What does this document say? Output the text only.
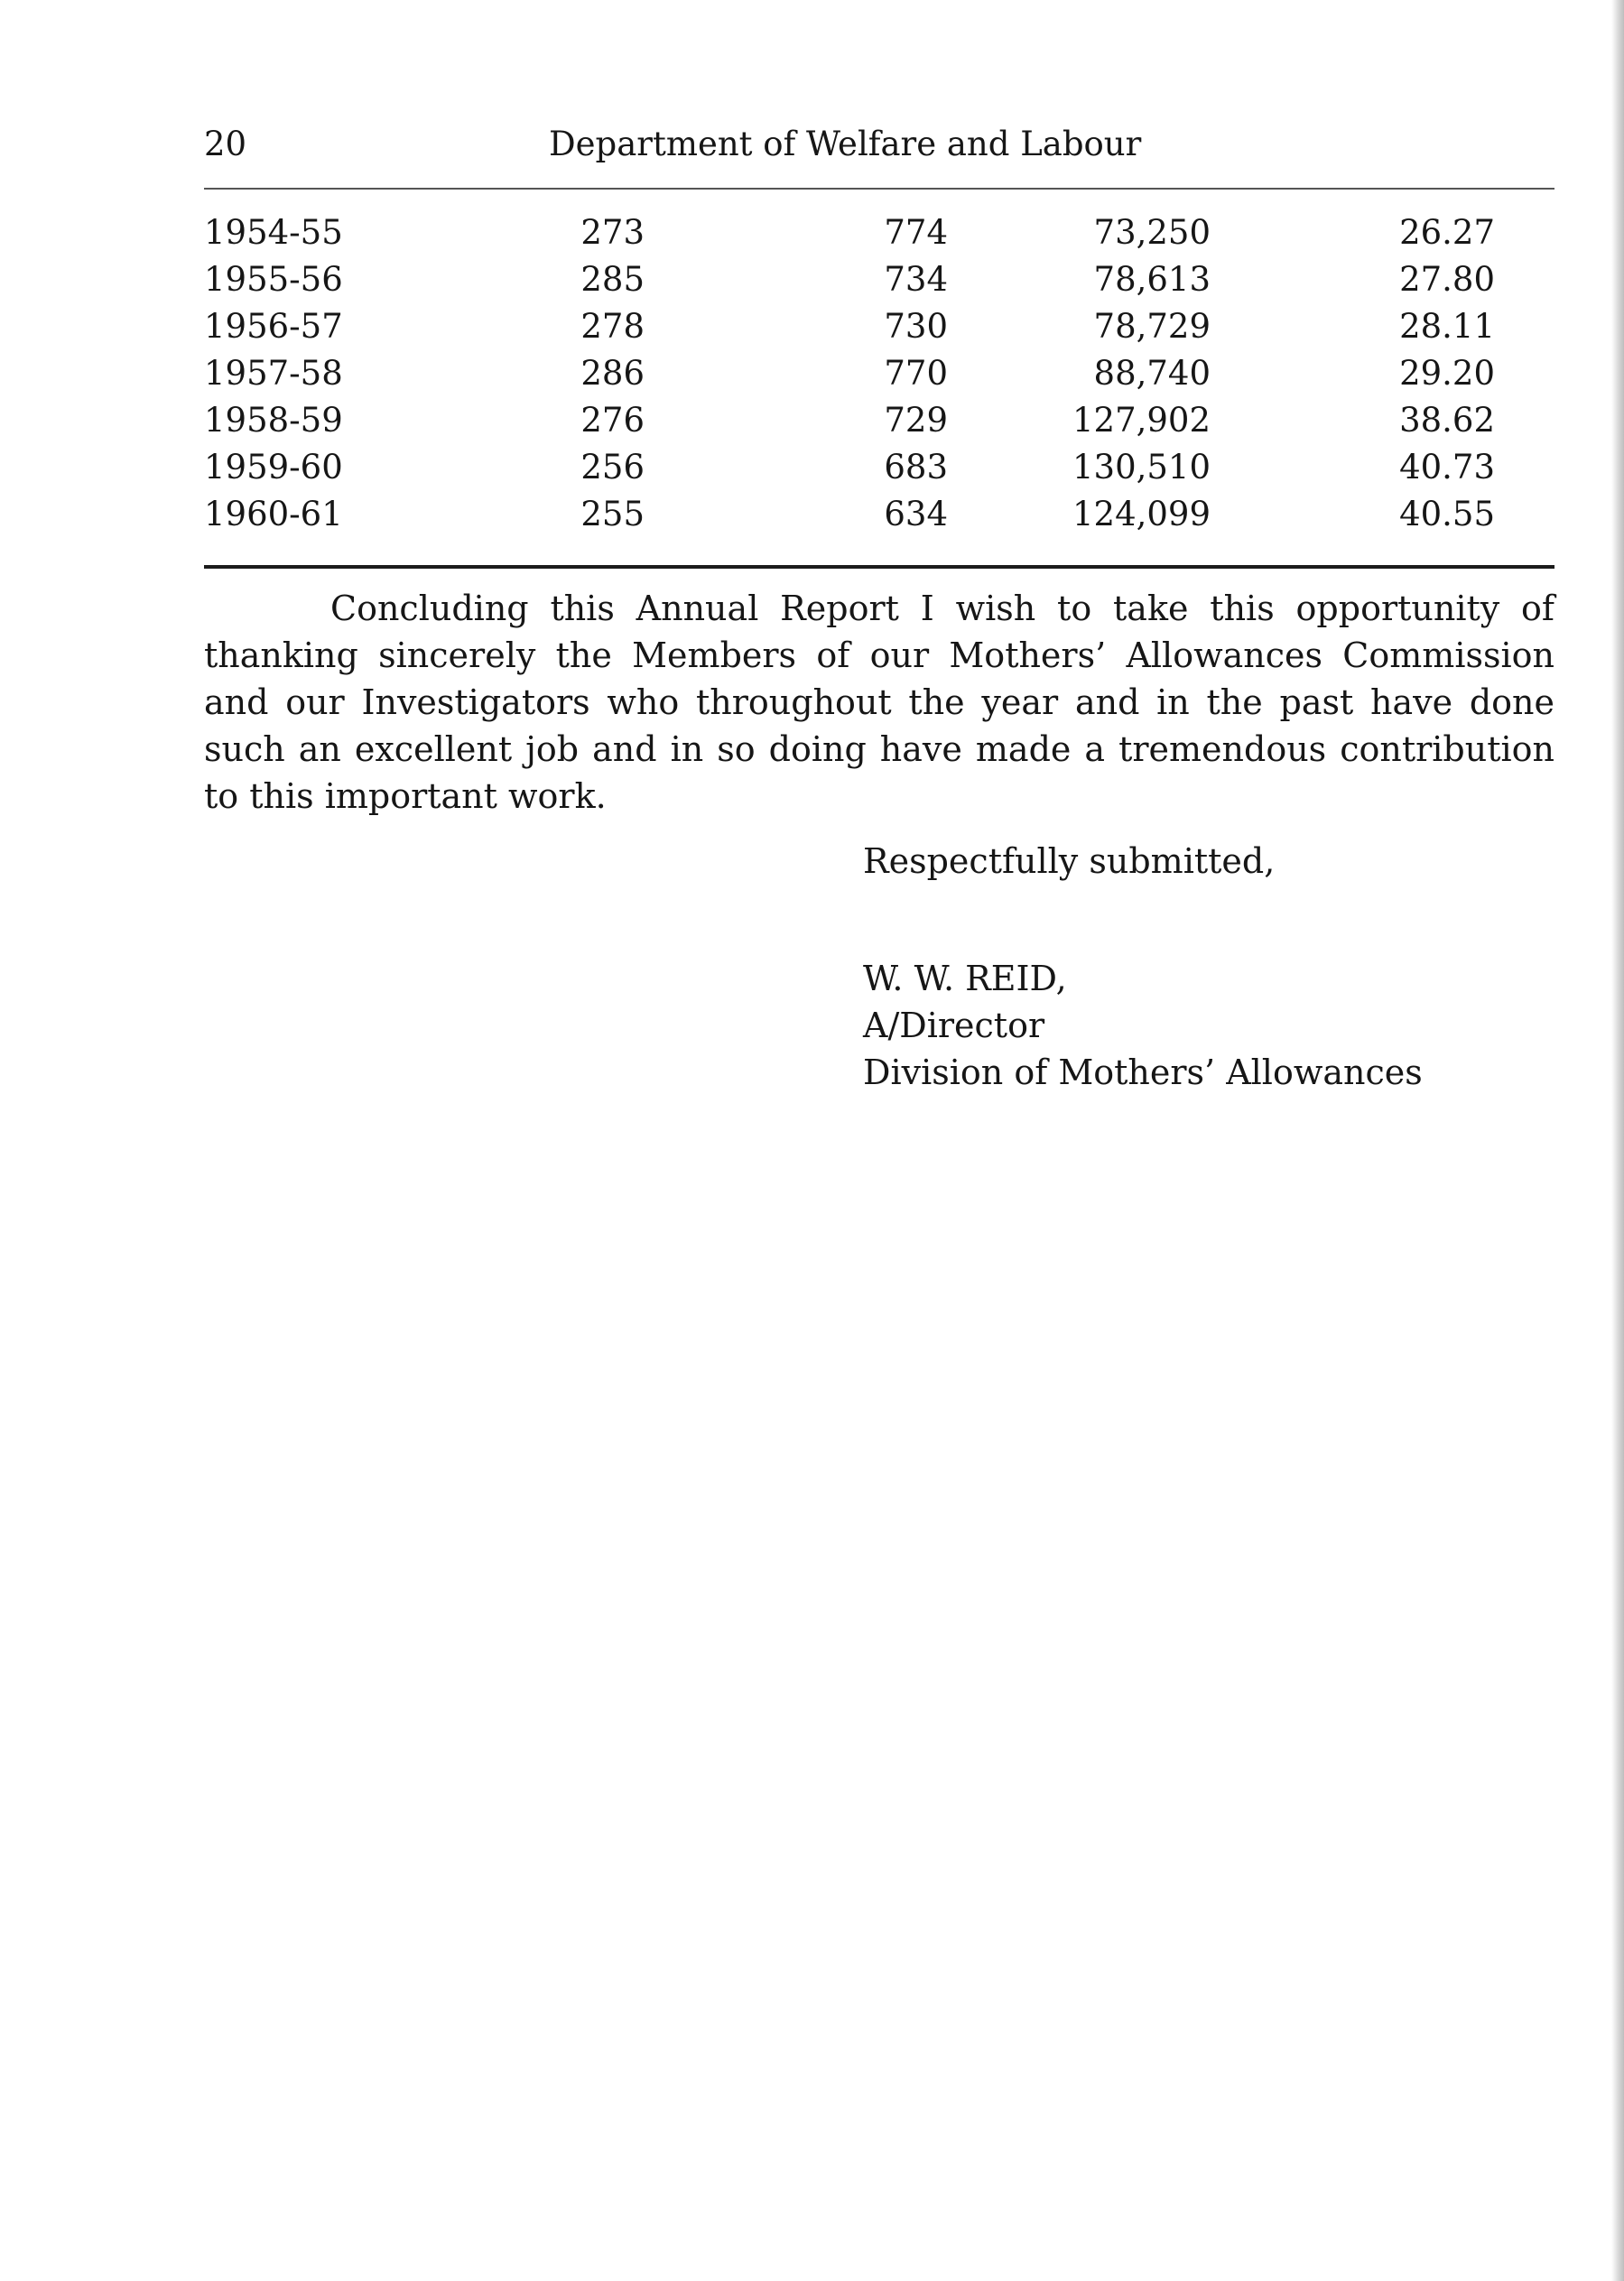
20	Department of Welfare and Labour
1954-55	273	774	73,250	26.27
1955-56	285	734	78,613	27.80
1956-57	278	730	78,729	28.11
1957-58	286	770	88,740	29.20
1958-59	276	729	127,902	38.62
1959-60	256	683	130,510	40.73
1960-61	255	634	124,099	40.55

Concluding this Annual Report I wish to take this opportunity of thanking sincerely the Members of our Mothers’ Allowances Commission and our Investigators who throughout the year and in the past have done such an excellent job and in so doing have made a tremendous contribution to this important work.

Respectfully submitted,
W. W. REID,
A/Director
Division of Mothers’ Allowances
